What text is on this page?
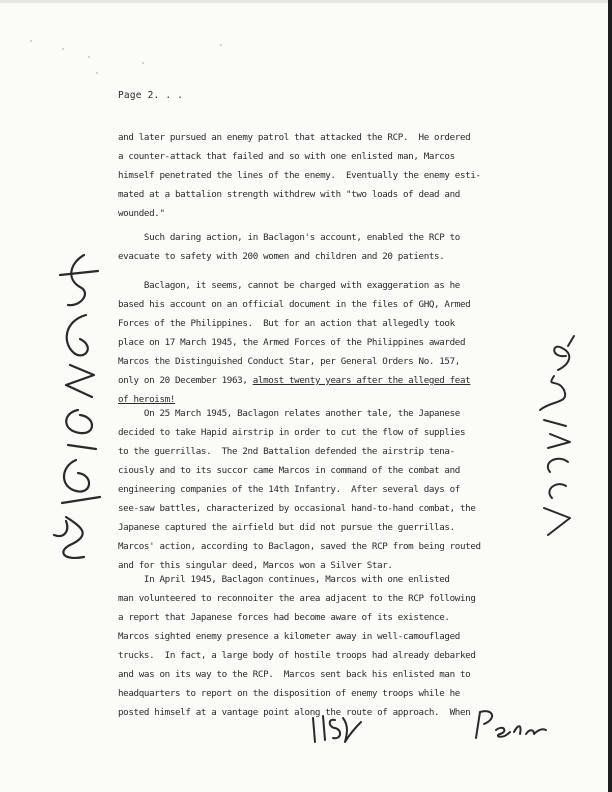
Page 2. . .
and later pursued an enemy patrol that attacked the RCP.  He ordered
a counter-attack that failed and so with one enlisted man, Marcos
himself penetrated the lines of the enemy.  Eventually the enemy esti-
mated at a battalion strength withdrew with "two loads of dead and
wounded."
Such daring action, in Baclagon's account, enabled the RCP to
evacuate to safety with 200 women and children and 20 patients.
Baclagon, it seems, cannot be charged with exaggeration as he
based his account on an official document in the files of GHQ, Armed
Forces of the Philippines.  But for an action that allegedly took
place on 17 March 1945, the Armed Forces of the Philippines awarded
Marcos the Distinguished Conduct Star, per General Orders No. 157,
only on 20 December 1963, almost twenty years after the alleged feat
of heroism!
On 25 March 1945, Baclagon relates another tale, the Japanese
decided to take Hapid airstrip in order to cut the flow of supplies
to the guerrillas.  The 2nd Battalion defended the airstrip tena-
ciously and to its succor came Marcos in command of the combat and
engineering companies of the 14th Infantry.  After several days of
see-saw battles, characterized by occasional hand-to-hand combat, the
Japanese captured the airfield but did not pursue the guerrillas.
Marcos' action, according to Baclagon, saved the RCP from being routed
and for this singular deed, Marcos won a Silver Star.
In April 1945, Baclagon continues, Marcos with one enlisted
man volunteered to reconnoiter the area adjacent to the RCP following
a report that Japanese forces had become aware of its existence.
Marcos sighted enemy presence a kilometer away in well-camouflaged
trucks.  In fact, a large body of hostile troops had already debarked
and was on its way to the RCP.  Marcos sent back his enlisted man to
headquarters to report on the disposition of enemy troops while he
posted himself at a vantage point along the route of approach.  When
